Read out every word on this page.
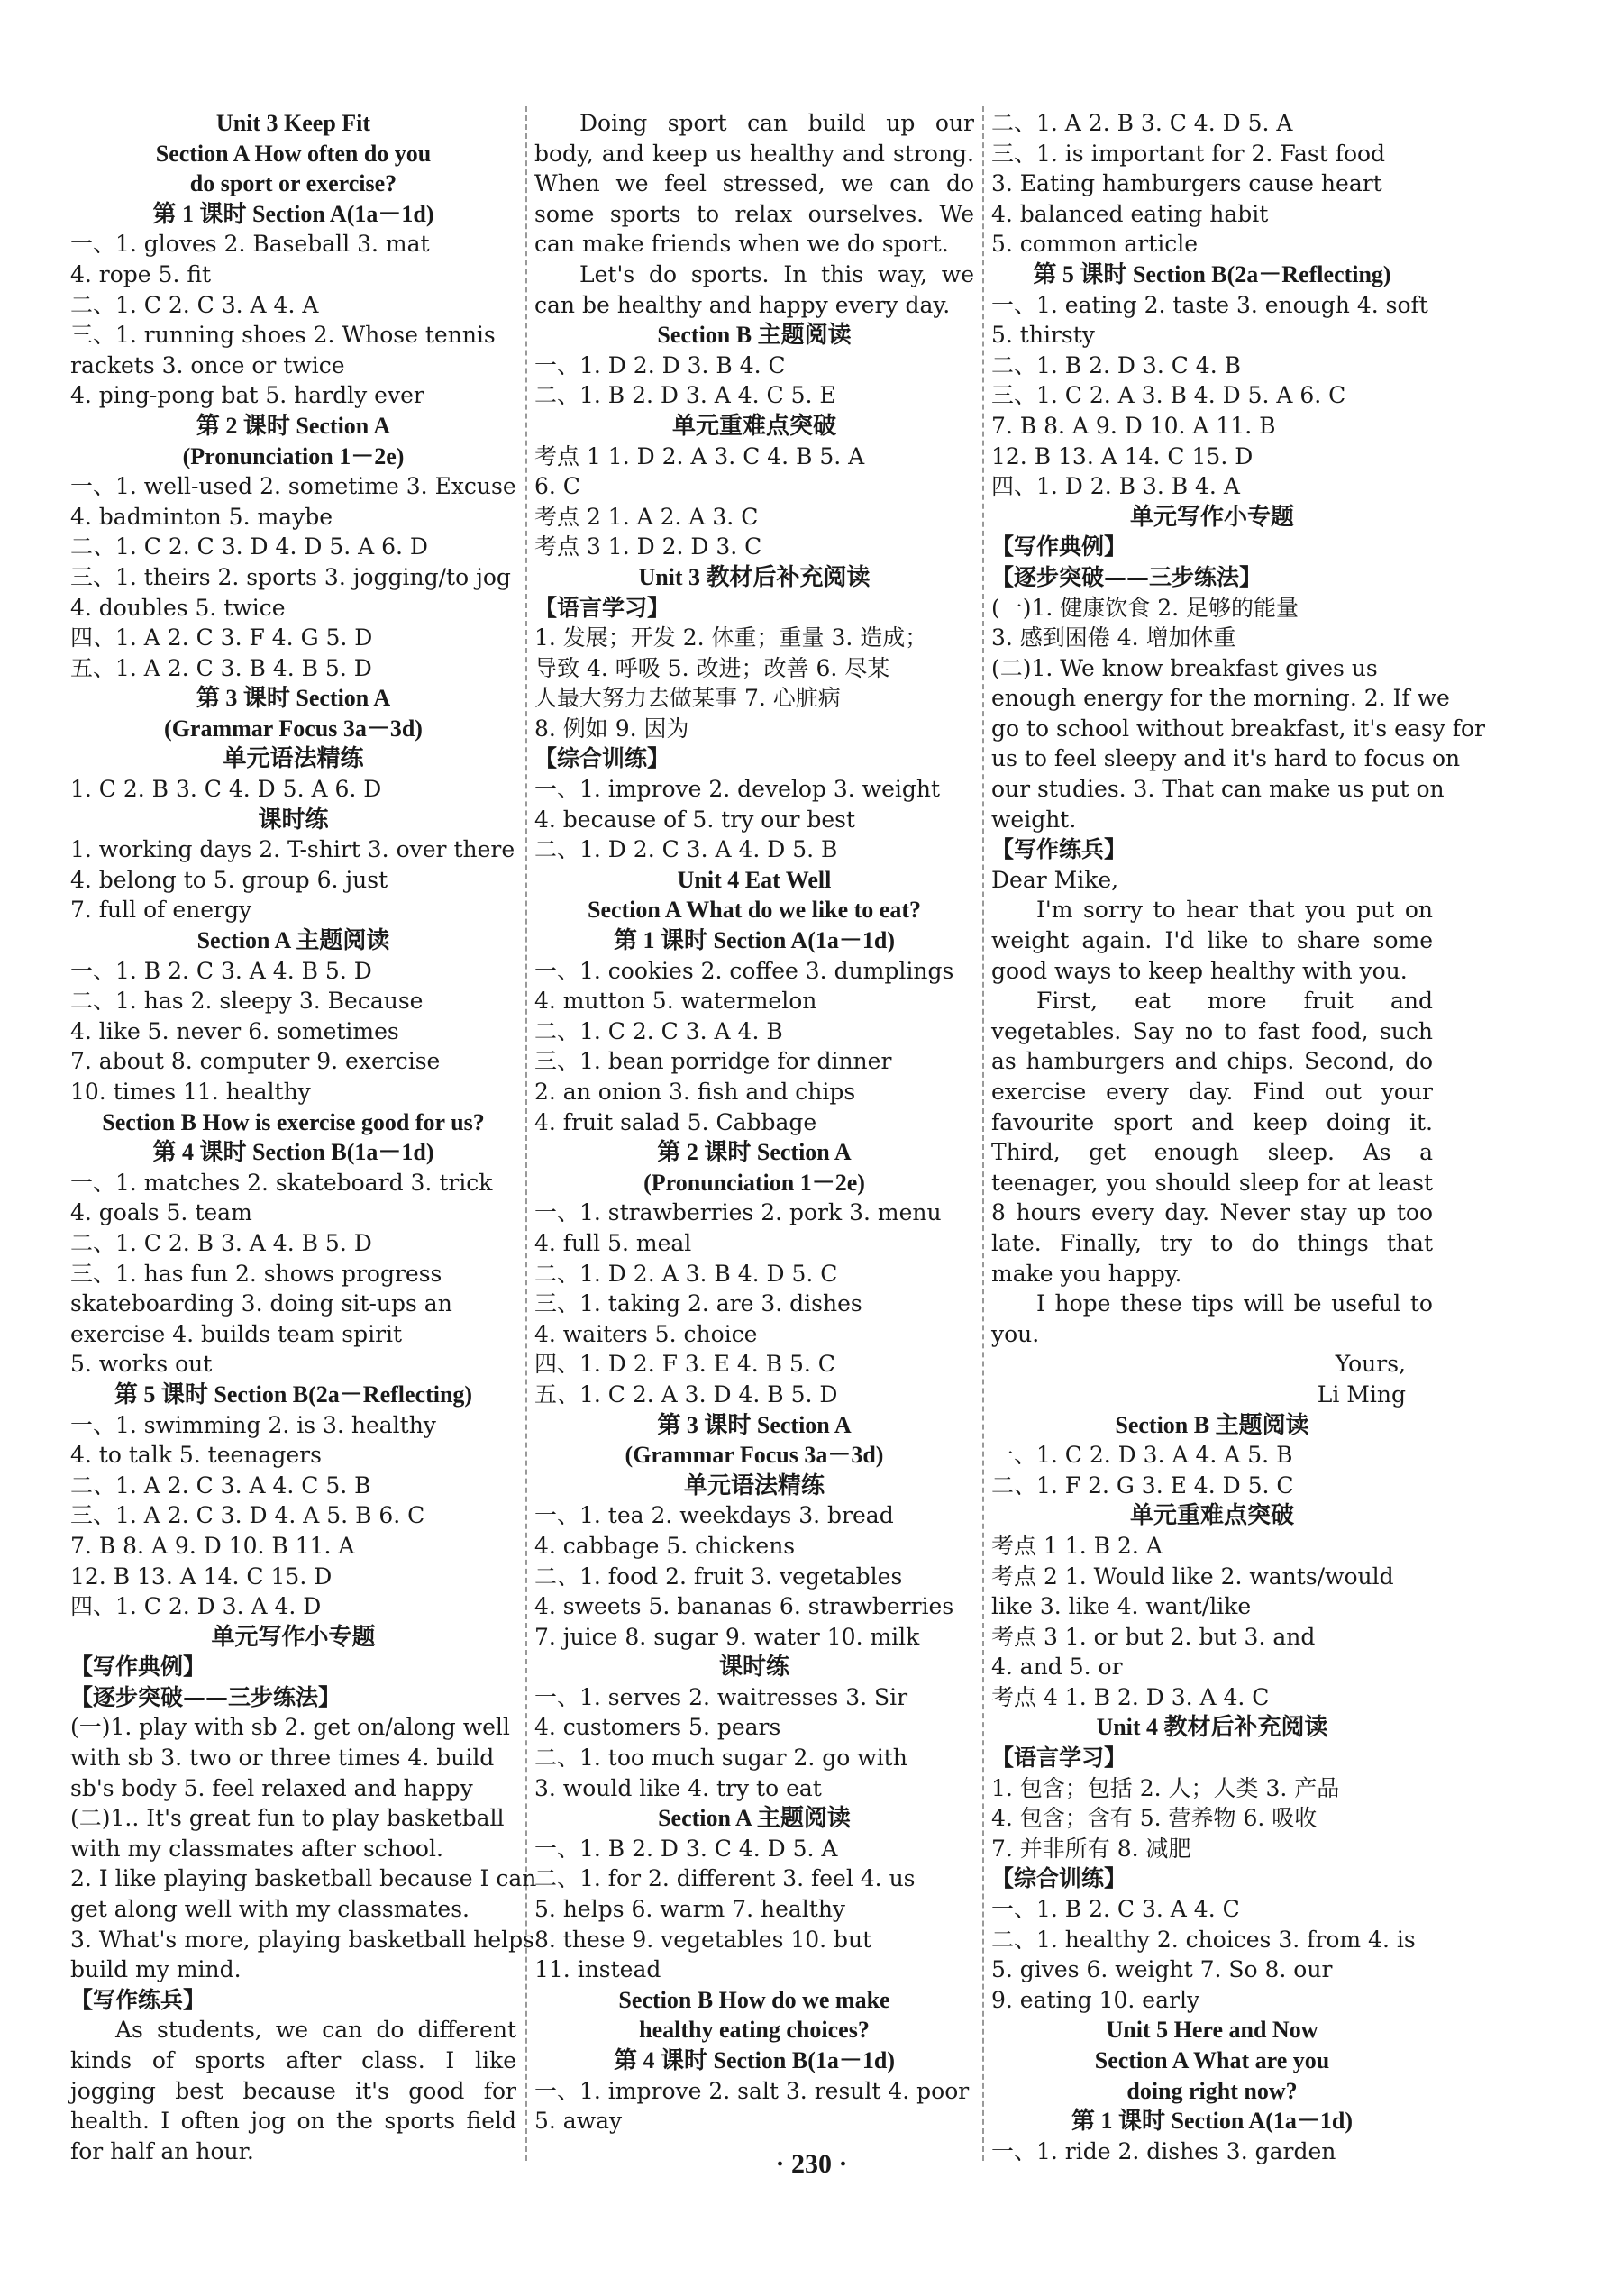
Unit 3 Keep Fit
Section A How often do you
do sport or exercise?
第 1 课时 Section A(1a－1d)
一、1. gloves 2. Baseball 3. mat
4. rope 5. fit
二、1. C 2. C 3. A 4. A
三、1. running shoes 2. Whose tennis
rackets 3. once or twice
4. ping-pong bat 5. hardly ever
第 2 课时 Section A
(Pronunciation 1－2e)
一、1. well-used 2. sometime 3. Excuse
4. badminton 5. maybe
二、1. C 2. C 3. D 4. D 5. A 6. D
三、1. theirs 2. sports 3. jogging/to jog
4. doubles 5. twice
四、1. A 2. C 3. F 4. G 5. D
五、1. A 2. C 3. B 4. B 5. D
第 3 课时 Section A
(Grammar Focus 3a－3d)
单元语法精练
1. C 2. B 3. C 4. D 5. A 6. D
课时练
1. working days 2. T-shirt 3. over there
4. belong to 5. group 6. just
7. full of energy
Section A 主题阅读
一、1. B 2. C 3. A 4. B 5. D
二、1. has 2. sleepy 3. Because
4. like 5. never 6. sometimes
7. about 8. computer 9. exercise
10. times 11. healthy
Section B How is exercise good for us?
第 4 课时 Section B(1a－1d)
一、1. matches 2. skateboard 3. trick
4. goals 5. team
二、1. C 2. B 3. A 4. B 5. D
三、1. has fun 2. shows progress
skateboarding 3. doing sit-ups an
exercise 4. builds team spirit
5. works out
第 5 课时 Section B(2a－Reflecting)
一、1. swimming 2. is 3. healthy
4. to talk 5. teenagers
二、1. A 2. C 3. A 4. C 5. B
三、1. A 2. C 3. D 4. A 5. B 6. C
7. B 8. A 9. D 10. B 11. A
12. B 13. A 14. C 15. D
四、1. C 2. D 3. A 4. D
单元写作小专题
【写作典例】
【逐步突破——三步练法】
(一)1. play with sb 2. get on/along well
with sb 3. two or three times 4. build
sb's body 5. feel relaxed and happy
(二)1.. It's great fun to play basketball
with my classmates after school.
2. I like playing basketball because I can
get along well with my classmates.
3. What's more, playing basketball helps
build my mind.
【写作练兵】
As students, we can do different kinds of sports after class. I like jogging best because it's good for health. I often jog on the sports field for half an hour.
Doing sport can build up our body, and keep us healthy and strong. When we feel stressed, we can do some sports to relax ourselves. We can make friends when we do sport.
Let's do sports. In this way, we can be healthy and happy every day.
Section B 主题阅读
一、1. D 2. D 3. B 4. C
二、1. B 2. D 3. A 4. C 5. E
单元重难点突破
考点 1 1. D 2. A 3. C 4. B 5. A
6. C
考点 2 1. A 2. A 3. C
考点 3 1. D 2. D 3. C
Unit 3 教材后补充阅读
【语言学习】
1. 发展；开发 2. 体重；重量 3. 造成；
导致 4. 呼吸 5. 改进；改善 6. 尽某
人最大努力去做某事 7. 心脏病
8. 例如 9. 因为
【综合训练】
一、1. improve 2. develop 3. weight
4. because of 5. try our best
二、1. D 2. C 3. A 4. D 5. B
Unit 4 Eat Well
Section A What do we like to eat?
第 1 课时 Section A(1a－1d)
一、1. cookies 2. coffee 3. dumplings
4. mutton 5. watermelon
二、1. C 2. C 3. A 4. B
三、1. bean porridge for dinner
2. an onion 3. fish and chips
4. fruit salad 5. Cabbage
第 2 课时 Section A
(Pronunciation 1－2e)
一、1. strawberries 2. pork 3. menu
4. full 5. meal
二、1. D 2. A 3. B 4. D 5. C
三、1. taking 2. are 3. dishes
4. waiters 5. choice
四、1. D 2. F 3. E 4. B 5. C
五、1. C 2. A 3. D 4. B 5. D
第 3 课时 Section A
(Grammar Focus 3a－3d)
单元语法精练
一、1. tea 2. weekdays 3. bread
4. cabbage 5. chickens
二、1. food 2. fruit 3. vegetables
4. sweets 5. bananas 6. strawberries
7. juice 8. sugar 9. water 10. milk
课时练
一、1. serves 2. waitresses 3. Sir
4. customers 5. pears
二、1. too much sugar 2. go with
3. would like 4. try to eat
Section A 主题阅读
一、1. B 2. D 3. C 4. D 5. A
二、1. for 2. different 3. feel 4. us
5. helps 6. warm 7. healthy
8. these 9. vegetables 10. but
11. instead
Section B How do we make
healthy eating choices?
第 4 课时 Section B(1a－1d)
一、1. improve 2. salt 3. result 4. poor
5. away
二、1. A 2. B 3. C 4. D 5. A
三、1. is important for 2. Fast food
3. Eating hamburgers cause heart
4. balanced eating habit
5. common article
第 5 课时 Section B(2a－Reflecting)
一、1. eating 2. taste 3. enough 4. soft
5. thirsty
二、1. B 2. D 3. C 4. B
三、1. C 2. A 3. B 4. D 5. A 6. C
7. B 8. A 9. D 10. A 11. B
12. B 13. A 14. C 15. D
四、1. D 2. B 3. B 4. A
单元写作小专题
【写作典例】
【逐步突破——三步练法】
(一)1. 健康饮食 2. 足够的能量
3. 感到困倦 4. 增加体重
(二)1. We know breakfast gives us
enough energy for the morning. 2. If we
go to school without breakfast, it's easy for
us to feel sleepy and it's hard to focus on
our studies. 3. That can make us put on
weight.
【写作练兵】
Dear Mike,
I'm sorry to hear that you put on weight again. I'd like to share some good ways to keep healthy with you.
First, eat more fruit and vegetables. Say no to fast food, such as hamburgers and chips. Second, do exercise every day. Find out your favourite sport and keep doing it. Third, get enough sleep. As a teenager, you should sleep for at least 8 hours every day. Never stay up too late. Finally, try to do things that make you happy.
I hope these tips will be useful to you.
Yours,
Li Ming
Section B 主题阅读
一、1. C 2. D 3. A 4. A 5. B
二、1. F 2. G 3. E 4. D 5. C
单元重难点突破
考点 1 1. B 2. A
考点 2 1. Would like 2. wants/would
like 3. like 4. want/like
考点 3 1. or but 2. but 3. and
4. and 5. or
考点 4 1. B 2. D 3. A 4. C
Unit 4 教材后补充阅读
【语言学习】
1. 包含；包括 2. 人；人类 3. 产品
4. 包含；含有 5. 营养物 6. 吸收
7. 并非所有 8. 减肥
【综合训练】
一、1. B 2. C 3. A 4. C
二、1. healthy 2. choices 3. from 4. is
5. gives 6. weight 7. So 8. our
9. eating 10. early
Unit 5 Here and Now
Section A What are you
doing right now?
第 1 课时 Section A(1a－1d)
一、1. ride 2. dishes 3. garden
· 230 ·
